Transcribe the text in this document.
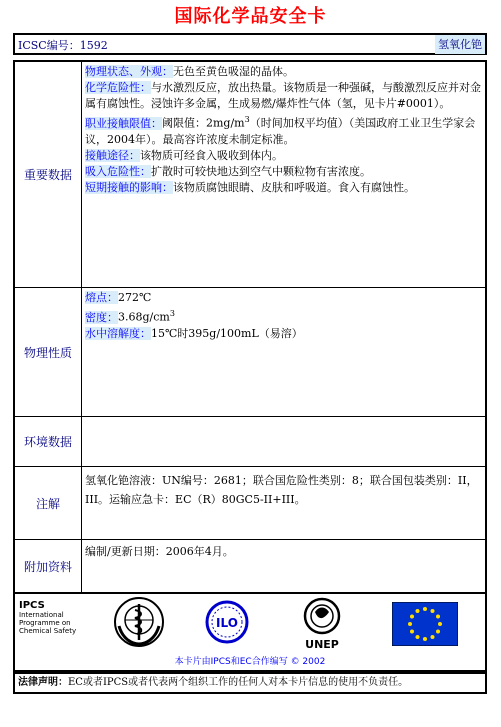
国际化学品安全卡
ICSC编号：1592	氢氧化铯
重要数据
物理状态、外观：无色至黄色吸湿的晶体。
化学危险性：与水激烈反应，放出热量。该物质是一种强碱，与酸激烈反应并对金属有腐蚀性。浸蚀许多金属，生成易燃/爆炸性气体（氢，见卡片#0001）。
职业接触限值：阈限值：$2mg/m^3$（时间加权平均值）（美国政府工业卫生学家会议，2004年）。最高容许浓度未制定标准。
接触途径：该物质可经食入吸收到体内。
吸入危险性：扩散时可较快地达到空气中颗粒物有害浓度。
短期接触的影响：该物质腐蚀眼睛、皮肤和呼吸道。食入有腐蚀性。
物理性质
熔点：272℃
密度：$3.68g/cm^3$
水中溶解度：15℃时395g/100mL（易溶）
环境数据
注解
氢氧化铯溶液：UN编号：2681；联合国危险性类别：8；联合国包装类别：II，III。运输应急卡：EC（R）80GC5-II+III。
附加资料
编制/更新日期：2006年4月。
IPCS
International
Programme on
Chemical Safety
ILO
UNEP
本卡片由IPCS和EC合作编写 © 2002
法律声明：EC或者IPCS或者代表两个组织工作的任何人对本卡片信息的使用不负责任。
